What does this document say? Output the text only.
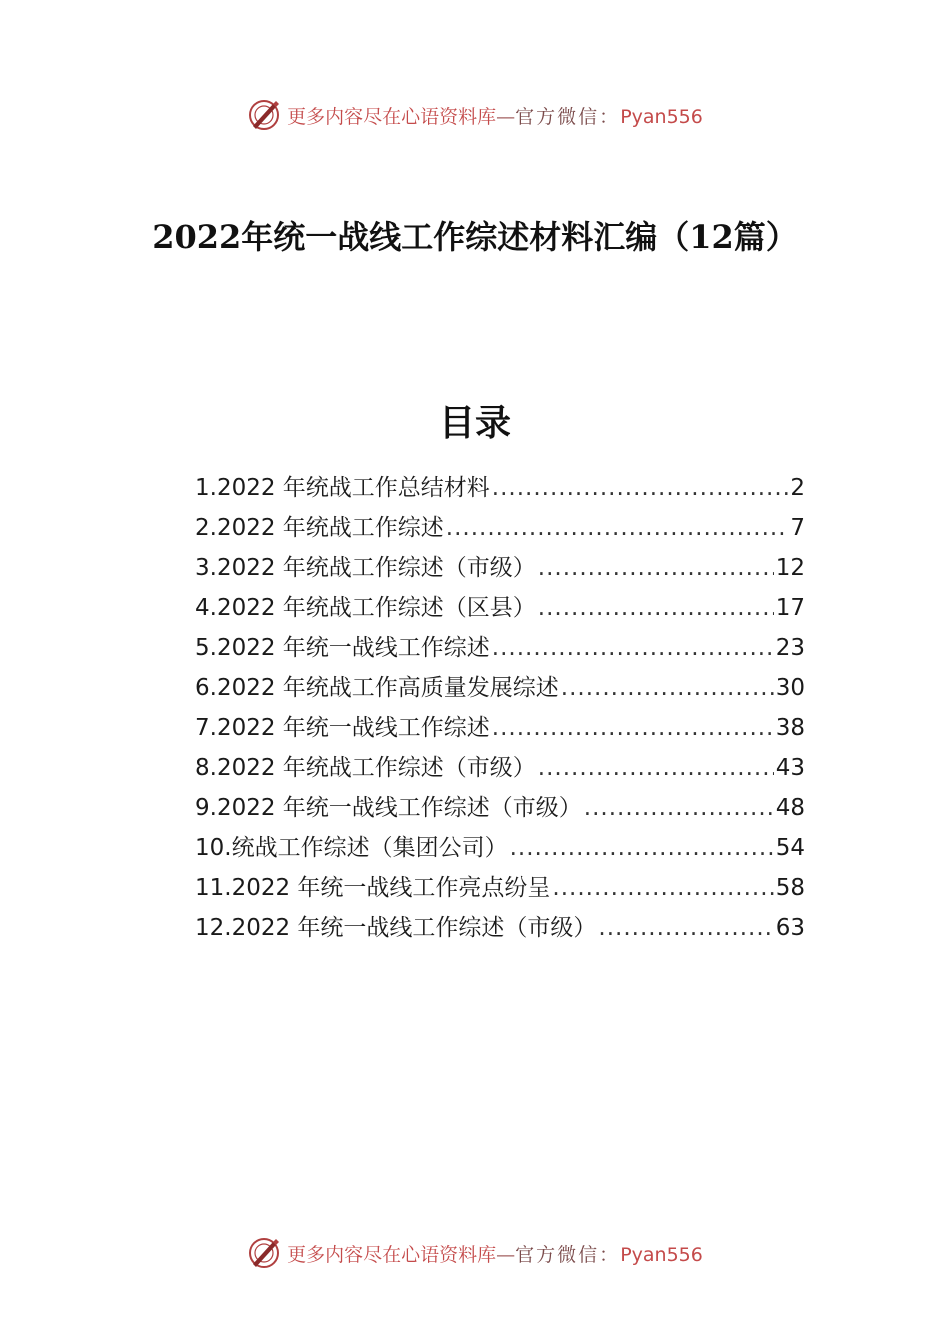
更多内容尽在心语资料库—官方微信：Pyan556
2022年统一战线工作综述材料汇编（12篇）
目录
1.2022 年统战工作总结材料 .....	2
2.2022 年统战工作综述 .....	7
3.2022 年统战工作综述（市级） .....	12
4.2022 年统战工作综述（区县） .....	17
5.2022 年统一战线工作综述 .....	23
6.2022 年统战工作高质量发展综述 .....	30
7.2022 年统一战线工作综述 .....	38
8.2022 年统战工作综述（市级） .....	43
9.2022 年统一战线工作综述（市级） .....	48
10.统战工作综述（集团公司） .....	54
11.2022 年统一战线工作亮点纷呈 .....	58
12.2022 年统一战线工作综述（市级） .....	63
更多内容尽在心语资料库—官方微信：Pyan556
